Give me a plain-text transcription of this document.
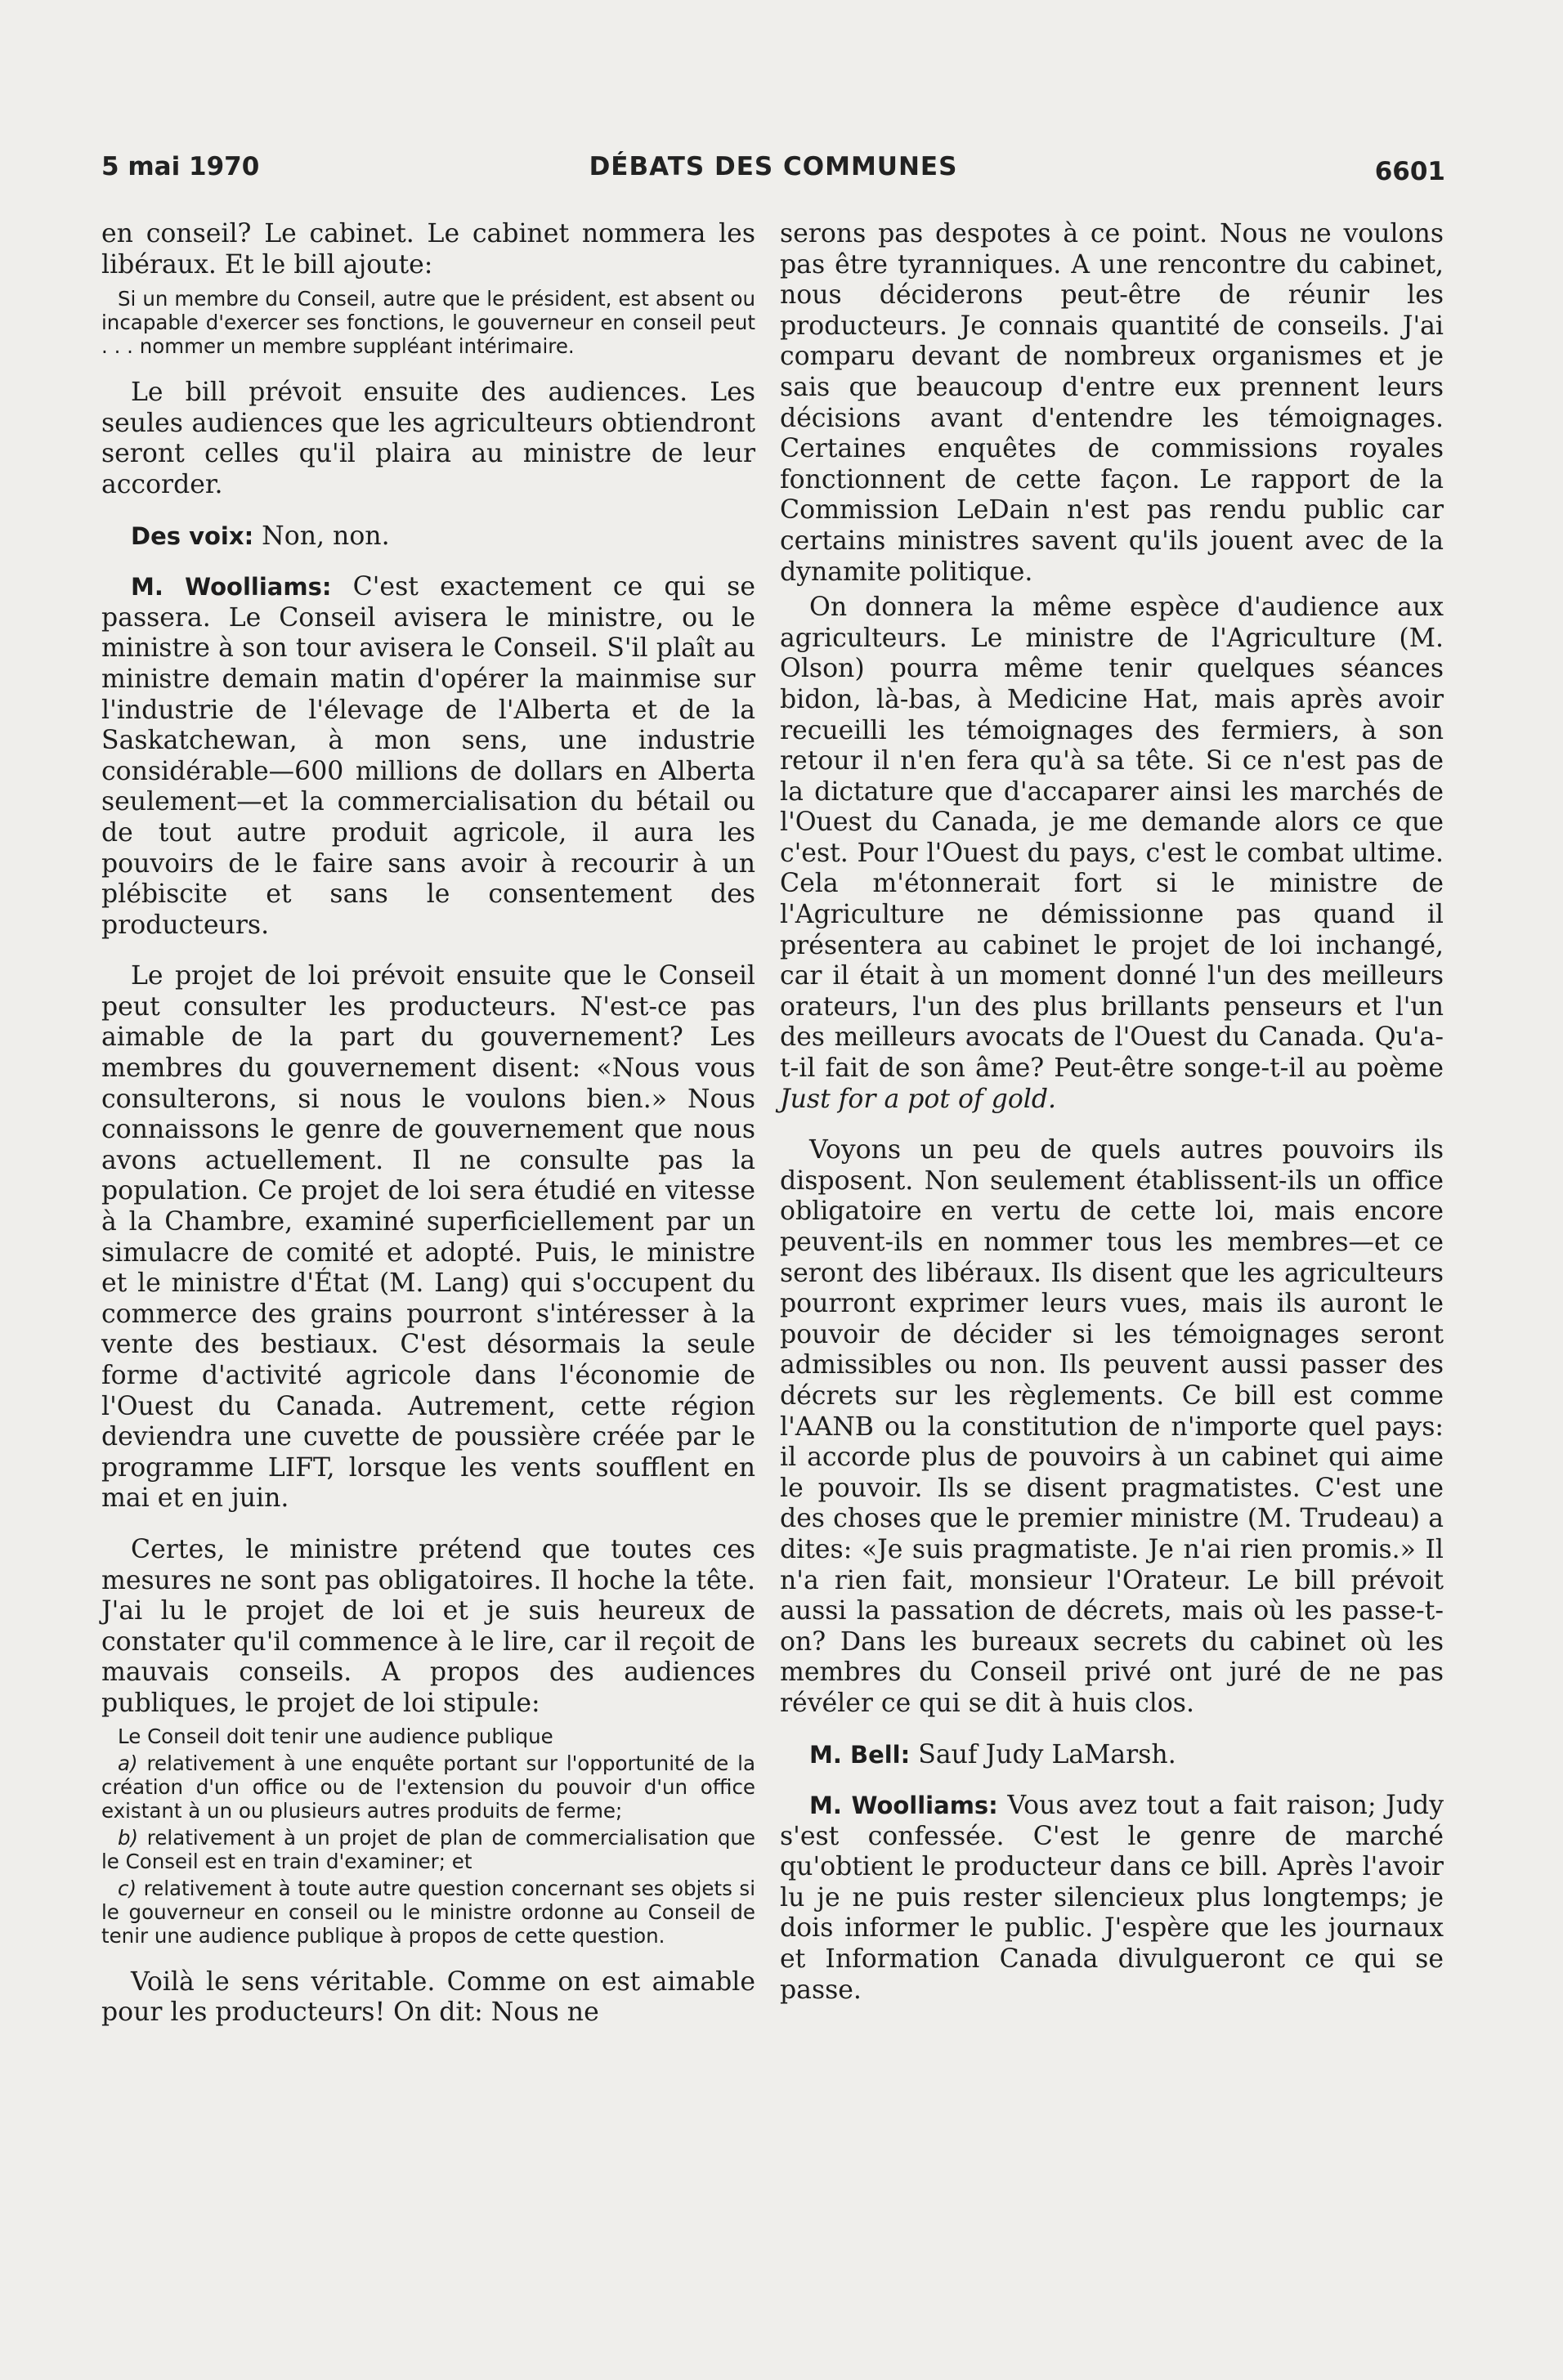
5 mai 1970	DÉBATS DES COMMUNES	6601

en conseil? Le cabinet. Le cabinet nommera les libéraux. Et le bill ajoute:

Si un membre du Conseil, autre que le président, est absent ou incapable d'exercer ses fonctions, le gouverneur en conseil peut . . . nommer un membre suppléant intérimaire.

Le bill prévoit ensuite des audiences. Les seules audiences que les agriculteurs obtiendront seront celles qu'il plaira au ministre de leur accorder.

Des voix: Non, non.

M. Woolliams: C'est exactement ce qui se passera. Le Conseil avisera le ministre, ou le ministre à son tour avisera le Conseil. S'il plaît au ministre demain matin d'opérer la mainmise sur l'industrie de l'élevage de l'Alberta et de la Saskatchewan, à mon sens, une industrie considérable—600 millions de dollars en Alberta seulement—et la commercialisation du bétail ou de tout autre produit agricole, il aura les pouvoirs de le faire sans avoir à recourir à un plébiscite et sans le consentement des producteurs.

Le projet de loi prévoit ensuite que le Conseil peut consulter les producteurs. N'est-ce pas aimable de la part du gouvernement? Les membres du gouvernement disent: «Nous vous consulterons, si nous le voulons bien.» Nous connaissons le genre de gouvernement que nous avons actuellement. Il ne consulte pas la population. Ce projet de loi sera étudié en vitesse à la Chambre, examiné superficiellement par un simulacre de comité et adopté. Puis, le ministre et le ministre d'État (M. Lang) qui s'occupent du commerce des grains pourront s'intéresser à la vente des bestiaux. C'est désormais la seule forme d'activité agricole dans l'économie de l'Ouest du Canada. Autrement, cette région deviendra une cuvette de poussière créée par le programme LIFT, lorsque les vents soufflent en mai et en juin.

Certes, le ministre prétend que toutes ces mesures ne sont pas obligatoires. Il hoche la tête. J'ai lu le projet de loi et je suis heureux de constater qu'il commence à le lire, car il reçoit de mauvais conseils. A propos des audiences publiques, le projet de loi stipule:

Le Conseil doit tenir une audience publique

a) relativement à une enquête portant sur l'opportunité de la création d'un office ou de l'extension du pouvoir d'un office existant à un ou plusieurs autres produits de ferme;

b) relativement à un projet de plan de commercialisation que le Conseil est en train d'examiner; et

c) relativement à toute autre question concernant ses objets si le gouverneur en conseil ou le ministre ordonne au Conseil de tenir une audience publique à propos de cette question.

Voilà le sens véritable. Comme on est aimable pour les producteurs! On dit: Nous ne

serons pas despotes à ce point. Nous ne voulons pas être tyranniques. A une rencontre du cabinet, nous déciderons peut-être de réunir les producteurs. Je connais quantité de conseils. J'ai comparu devant de nombreux organismes et je sais que beaucoup d'entre eux prennent leurs décisions avant d'entendre les témoignages. Certaines enquêtes de commissions royales fonctionnent de cette façon. Le rapport de la Commission LeDain n'est pas rendu public car certains ministres savent qu'ils jouent avec de la dynamite politique.

On donnera la même espèce d'audience aux agriculteurs. Le ministre de l'Agriculture (M. Olson) pourra même tenir quelques séances bidon, là-bas, à Medicine Hat, mais après avoir recueilli les témoignages des fermiers, à son retour il n'en fera qu'à sa tête. Si ce n'est pas de la dictature que d'accaparer ainsi les marchés de l'Ouest du Canada, je me demande alors ce que c'est. Pour l'Ouest du pays, c'est le combat ultime. Cela m'étonnerait fort si le ministre de l'Agriculture ne démissionne pas quand il présentera au cabinet le projet de loi inchangé, car il était à un moment donné l'un des meilleurs orateurs, l'un des plus brillants penseurs et l'un des meilleurs avocats de l'Ouest du Canada. Qu'a-t-il fait de son âme? Peut-être songe-t-il au poème Just for a pot of gold.

Voyons un peu de quels autres pouvoirs ils disposent. Non seulement établissent-ils un office obligatoire en vertu de cette loi, mais encore peuvent-ils en nommer tous les membres—et ce seront des libéraux. Ils disent que les agriculteurs pourront exprimer leurs vues, mais ils auront le pouvoir de décider si les témoignages seront admissibles ou non. Ils peuvent aussi passer des décrets sur les règlements. Ce bill est comme l'AANB ou la constitution de n'importe quel pays: il accorde plus de pouvoirs à un cabinet qui aime le pouvoir. Ils se disent pragmatistes. C'est une des choses que le premier ministre (M. Trudeau) a dites: «Je suis pragmatiste. Je n'ai rien promis.» Il n'a rien fait, monsieur l'Orateur. Le bill prévoit aussi la passation de décrets, mais où les passe-t-on? Dans les bureaux secrets du cabinet où les membres du Conseil privé ont juré de ne pas révéler ce qui se dit à huis clos.

M. Bell: Sauf Judy LaMarsh.

M. Woolliams: Vous avez tout a fait raison; Judy s'est confessée. C'est le genre de marché qu'obtient le producteur dans ce bill. Après l'avoir lu je ne puis rester silencieux plus longtemps; je dois informer le public. J'espère que les journaux et Information Canada divulgueront ce qui se passe.
